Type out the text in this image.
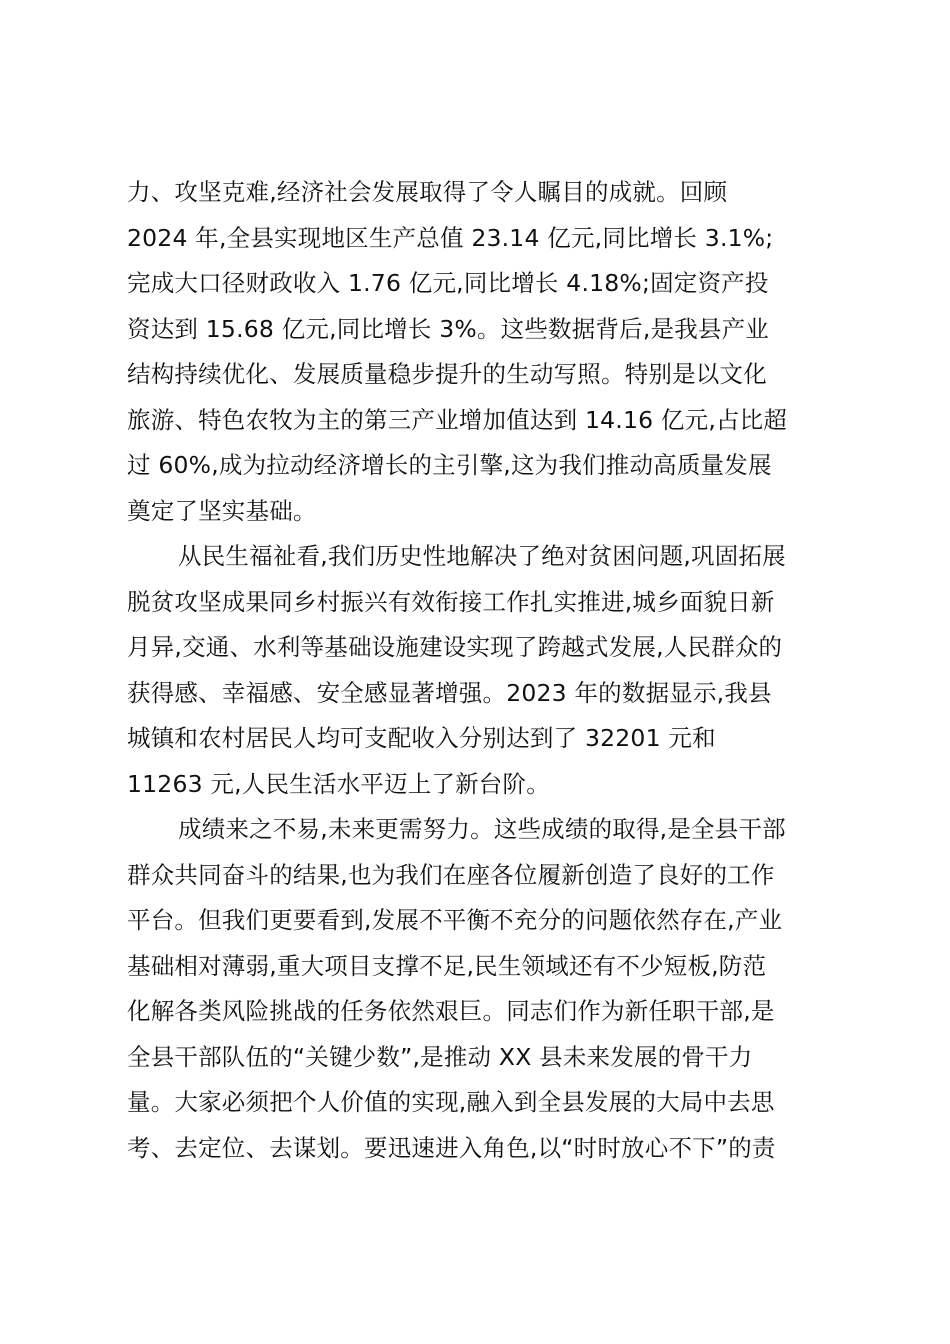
力、攻坚克难,经济社会发展取得了令人瞩目的成就。回顾
2024 年,全县实现地区生产总值 23.14 亿元,同比增长 3.1%;
完成大口径财政收入 1.76 亿元,同比增长 4.18%;固定资产投
资达到 15.68 亿元,同比增长 3%。这些数据背后,是我县产业
结构持续优化、发展质量稳步提升的生动写照。特别是以文化
旅游、特色农牧为主的第三产业增加值达到 14.16 亿元,占比超
过 60%,成为拉动经济增长的主引擎,这为我们推动高质量发展
奠定了坚实基础。
从民生福祉看,我们历史性地解决了绝对贫困问题,巩固拓展
脱贫攻坚成果同乡村振兴有效衔接工作扎实推进,城乡面貌日新
月异,交通、水利等基础设施建设实现了跨越式发展,人民群众的
获得感、幸福感、安全感显著增强。2023 年的数据显示,我县
城镇和农村居民人均可支配收入分别达到了 32201 元和
11263 元,人民生活水平迈上了新台阶。
成绩来之不易,未来更需努力。这些成绩的取得,是全县干部
群众共同奋斗的结果,也为我们在座各位履新创造了良好的工作
平台。但我们更要看到,发展不平衡不充分的问题依然存在,产业
基础相对薄弱,重大项目支撑不足,民生领域还有不少短板,防范
化解各类风险挑战的任务依然艰巨。同志们作为新任职干部,是
全县干部队伍的“关键少数”,是推动 XX 县未来发展的骨干力
量。大家必须把个人价值的实现,融入到全县发展的大局中去思
考、去定位、去谋划。要迅速进入角色,以“时时放心不下”的责
